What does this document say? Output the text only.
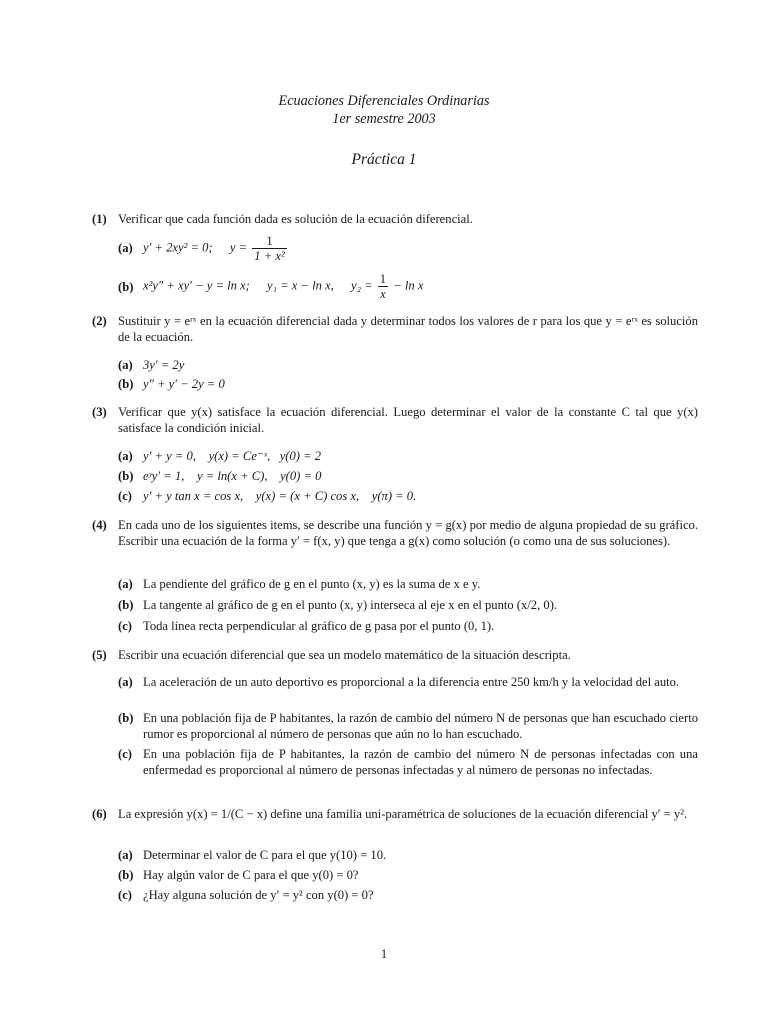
Ecuaciones Diferenciales Ordinarias
1er semestre 2003
Práctica 1
(1) Verificar que cada función dada es solución de la ecuación diferencial.
(a) y′ + 2xy² = 0; $y = \frac{1}{\text{1 + x²}}$
(b) x²y″ + xy′ − y = ln x; y₁ = x − ln x, $y_2 = \frac{1}{x} - \ln x$
(2) Sustituir y = eʳˣ en la ecuación diferencial dada y determinar todos los valores de r para los que y = eʳˣ es solución de la ecuación.
(a) 3y′ = 2y
(b) y″ + y′ − 2y = 0
(3) Verificar que y(x) satisface la ecuación diferencial. Luego determinar el valor de la constante C tal que y(x) satisface la condición inicial.
(a) y′ + y = 0,    y(x) = Ce⁻ˣ,   y(0) = 2
(b) eʸy′ = 1,    y = ln(x + C),    y(0) = 0
(c) y′ + y tan x = cos x,    y(x) = (x + C) cos x,    y(π) = 0.
(4) En cada uno de los siguientes items, se describe una función y = g(x) por medio de alguna propiedad de su gráfico. Escribir una ecuación de la forma y′ = f(x, y) que tenga a g(x) como solución (o como una de sus soluciones).
(a) La pendiente del gráfico de g en el punto (x, y) es la suma de x e y.
(b) La tangente al gráfico de g en el punto (x, y) interseca al eje x en el punto (x/2, 0).
(c) Toda línea recta perpendicular al gráfico de g pasa por el punto (0, 1).
(5) Escribir una ecuación diferencial que sea un modelo matemático de la situación descripta.
(a) La aceleración de un auto deportivo es proporcional a la diferencia entre 250 km/h y la velocidad del auto.
(b) En una población fija de P habitantes, la razón de cambio del número N de personas que han escuchado cierto rumor es proporcional al número de personas que aún no lo han escuchado.
(c) En una población fija de P habitantes, la razón de cambio del número N de personas infectadas con una enfermedad es proporcional al número de personas infectadas y al número de personas no infectadas.
(6) La expresión y(x) = 1/(C − x) define una familia uni-paramétrica de soluciones de la ecuación diferencial y′ = y².
(a) Determinar el valor de C para el que y(10) = 10.
(b) Hay algún valor de C para el que y(0) = 0?
(c) ¿Hay alguna solución de y′ = y² con y(0) = 0?
1
